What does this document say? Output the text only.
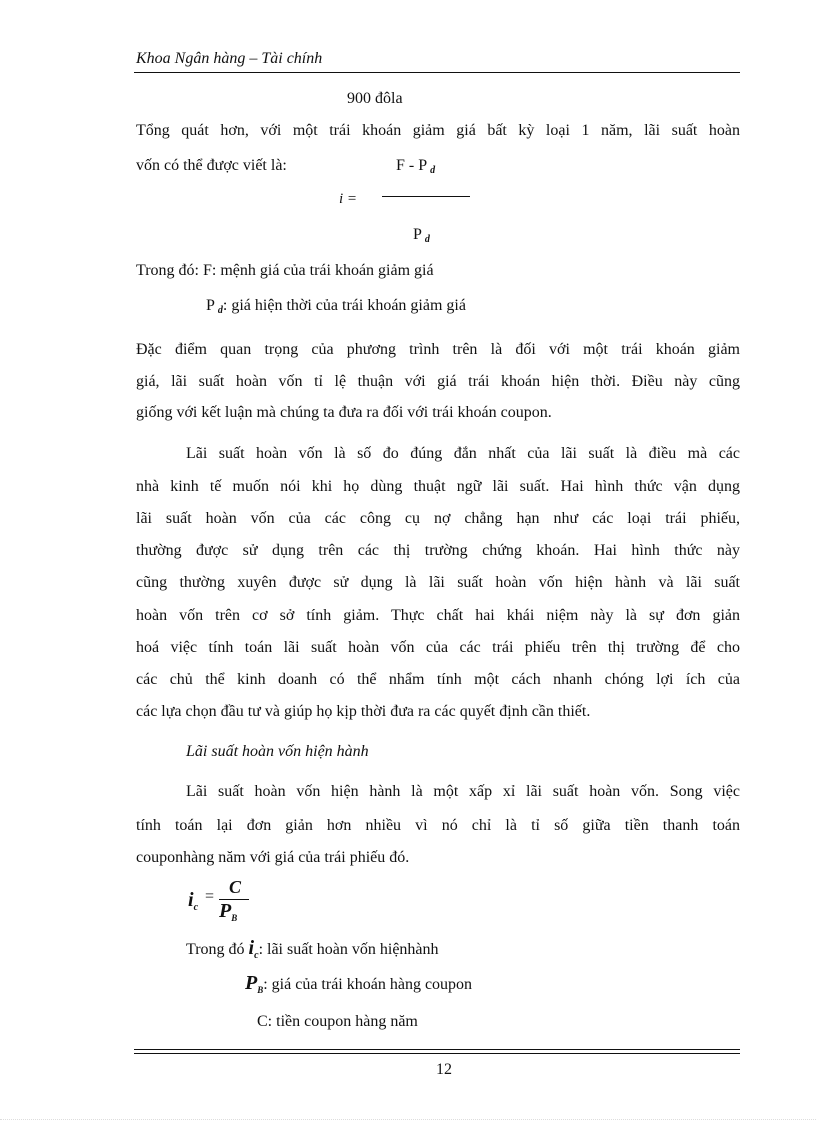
Khoa Ngân hàng – Tài chính
900 đôla
Tổng quát hơn, với một trái khoán giảm giá bất kỳ loại 1 năm, lãi suất hoàn
vốn có thể được viết là:	F - P $_d$
i =
P $_d$
Trong đó: F: mệnh giá của trái khoán giảm giá
P $_d$: giá hiện thời của trái khoán giảm giá
Đặc điểm quan trọng của phương trình trên là đối với một trái khoán giảm
giá, lãi suất hoàn vốn tỉ lệ thuận với giá trái khoán hiện thời. Điều này cũng
giống với kết luận mà chúng ta đưa ra đối với trái khoán coupon.
Lãi suất hoàn vốn là số đo đúng đắn nhất của lãi suất là điều mà các
nhà kinh tế muốn nói khi họ dùng thuật ngữ lãi suất. Hai hình thức vận dụng
lãi suất hoàn vốn của các công cụ nợ chẳng hạn như các loại trái phiếu,
thường được sử dụng trên các thị trường chứng khoán. Hai hình thức này
cũng thường xuyên được sử dụng là lãi suất hoàn vốn hiện hành và lãi suất
hoàn vốn trên cơ sở tính giảm. Thực chất hai khái niệm này là sự đơn giản
hoá việc tính toán lãi suất hoàn vốn của các trái phiếu trên thị trường để cho
các chủ thể kinh doanh có thể nhẩm tính một cách nhanh chóng lợi ích của
các lựa chọn đầu tư và giúp họ kịp thời đưa ra các quyết định cần thiết.
Lãi suất hoàn vốn hiện hành
Lãi suất hoàn vốn hiện hành là một xấp xỉ lãi suất hoàn vốn. Song việc
tính toán lại đơn giản hơn nhiều vì nó chỉ là tỉ số giữa tiền thanh toán
couponhàng năm với giá của trái phiếu đó.
$i_c$
= C
$P_B$
Trong đó $i_c$: lãi suất hoàn vốn hiệnhành
$P_B$: giá của trái khoán hàng coupon
C: tiền coupon hàng năm
12
